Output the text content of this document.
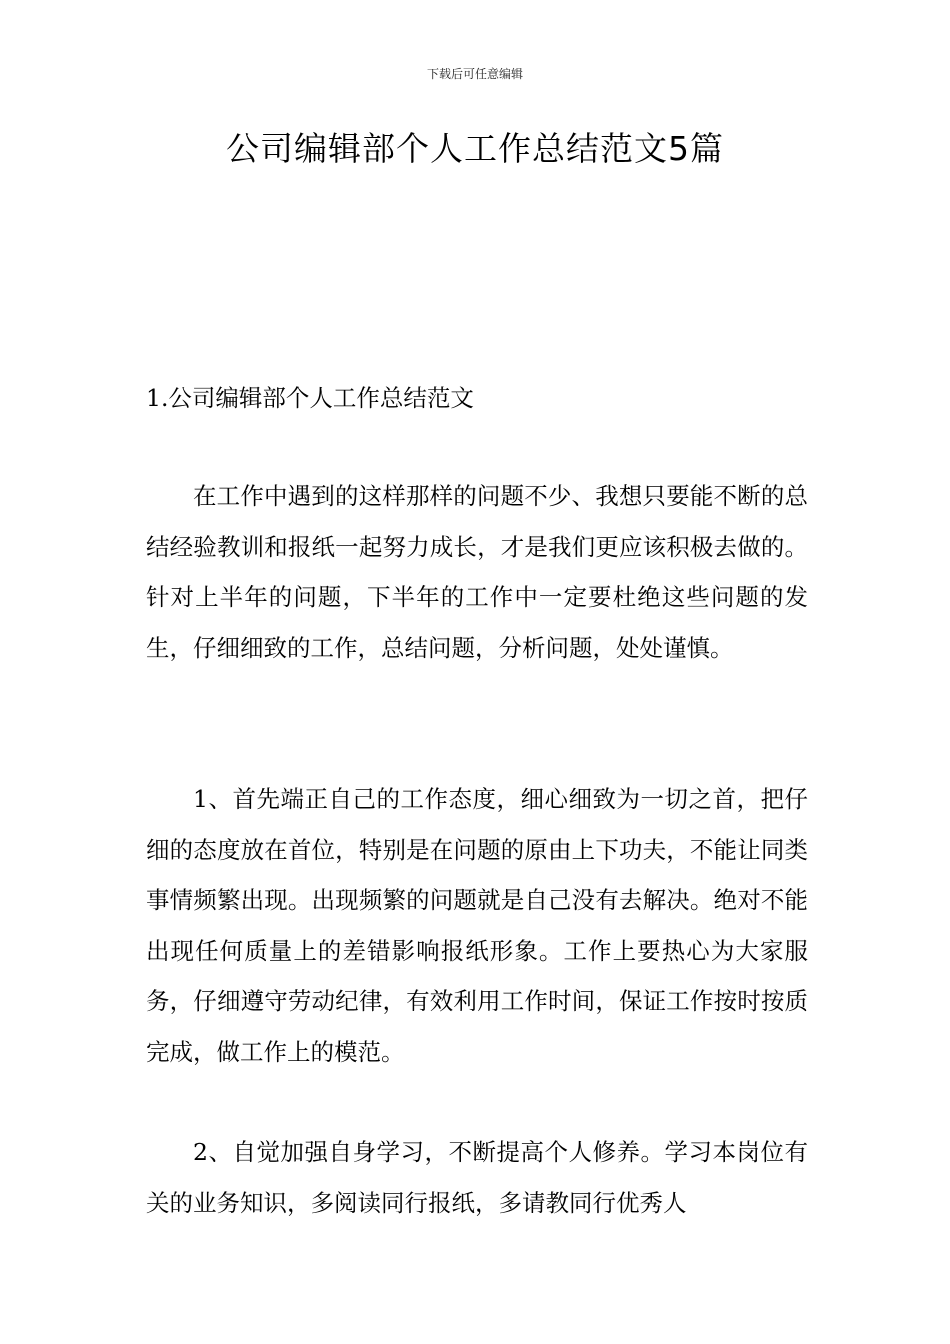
下载后可任意编辑
公司编辑部个人工作总结范文5篇
1.公司编辑部个人工作总结范文

在工作中遇到的这样那样的问题不少、我想只要能不断的总结经验教训和报纸一起努力成长，才是我们更应该积极去做的。针对上半年的问题，下半年的工作中一定要杜绝这些问题的发生，仔细细致的工作，总结问题，分析问题，处处谨慎。

1、首先端正自己的工作态度，细心细致为一切之首，把仔细的态度放在首位，特别是在问题的原由上下功夫，不能让同类事情频繁出现。出现频繁的问题就是自己没有去解决。绝对不能出现任何质量上的差错影响报纸形象。工作上要热心为大家服务，仔细遵守劳动纪律，有效利用工作时间，保证工作按时按质完成，做工作上的模范。

2、自觉加强自身学习，不断提高个人修养。学习本岗位有关的业务知识，多阅读同行报纸，多请教同行优秀人
